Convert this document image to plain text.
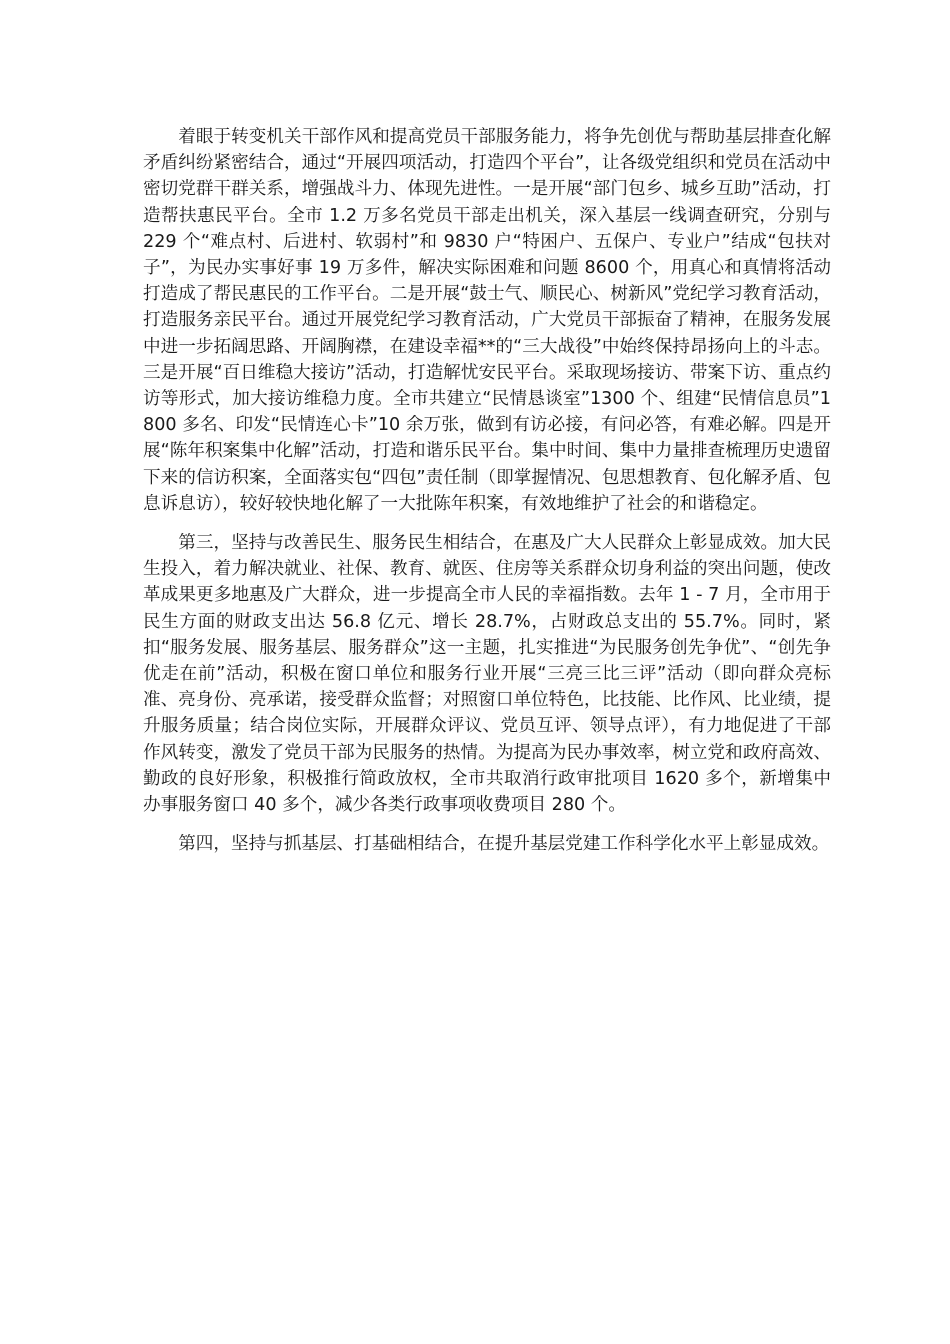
着眼于转变机关干部作风和提高党员干部服务能力，将争先创优与帮助基层排查化解矛盾纠纷紧密结合，通过“开展四项活动，打造四个平台”，让各级党组织和党员在活动中密切党群干群关系，增强战斗力、体现先进性。一是开展“部门包乡、城乡互助”活动，打造帮扶惠民平台。全市 1.2 万多名党员干部走出机关，深入基层一线调查研究，分别与 229 个“难点村、后进村、软弱村”和 9830 户“特困户、五保户、专业户”结成“包扶对子”，为民办实事好事 19 万多件，解决实际困难和问题 8600 个，用真心和真情将活动打造成了帮民惠民的工作平台。二是开展“鼓士气、顺民心、树新风”党纪学习教育活动，打造服务亲民平台。通过开展党纪学习教育活动，广大党员干部振奋了精神，在服务发展中进一步拓阔思路、开阔胸襟，在建设幸福**的“三大战役”中始终保持昂扬向上的斗志。三是开展“百日维稳大接访”活动，打造解忧安民平台。采取现场接访、带案下访、重点约访等形式，加大接访维稳力度。全市共建立“民情恳谈室”1300 个、组建“民情信息员”1800 多名、印发“民情连心卡”10 余万张，做到有访必接，有问必答，有难必解。四是开展“陈年积案集中化解”活动，打造和谐乐民平台。集中时间、集中力量排查梳理历史遗留下来的信访积案，全面落实包“四包”责任制（即掌握情况、包思想教育、包化解矛盾、包息诉息访），较好较快地化解了一大批陈年积案，有效地维护了社会的和谐稳定。

第三，坚持与改善民生、服务民生相结合，在惠及广大人民群众上彰显成效。加大民生投入，着力解决就业、社保、教育、就医、住房等关系群众切身利益的突出问题，使改革成果更多地惠及广大群众，进一步提高全市人民的幸福指数。去年 1 - 7 月，全市用于民生方面的财政支出达 56.8 亿元、增长 28.7%，占财政总支出的 55.7%。同时，紧扣“服务发展、服务基层、服务群众”这一主题，扎实推进“为民服务创先争优”、“创先争优走在前”活动，积极在窗口单位和服务行业开展“三亮三比三评”活动（即向群众亮标准、亮身份、亮承诺，接受群众监督；对照窗口单位特色，比技能、比作风、比业绩，提升服务质量；结合岗位实际，开展群众评议、党员互评、领导点评），有力地促进了干部作风转变，激发了党员干部为民服务的热情。为提高为民办事效率，树立党和政府高效、勤政的良好形象，积极推行简政放权，全市共取消行政审批项目 1620 多个，新增集中办事服务窗口 40 多个，减少各类行政事项收费项目 280 个。

第四，坚持与抓基层、打基础相结合，在提升基层党建工作科学化水平上彰显成效。
